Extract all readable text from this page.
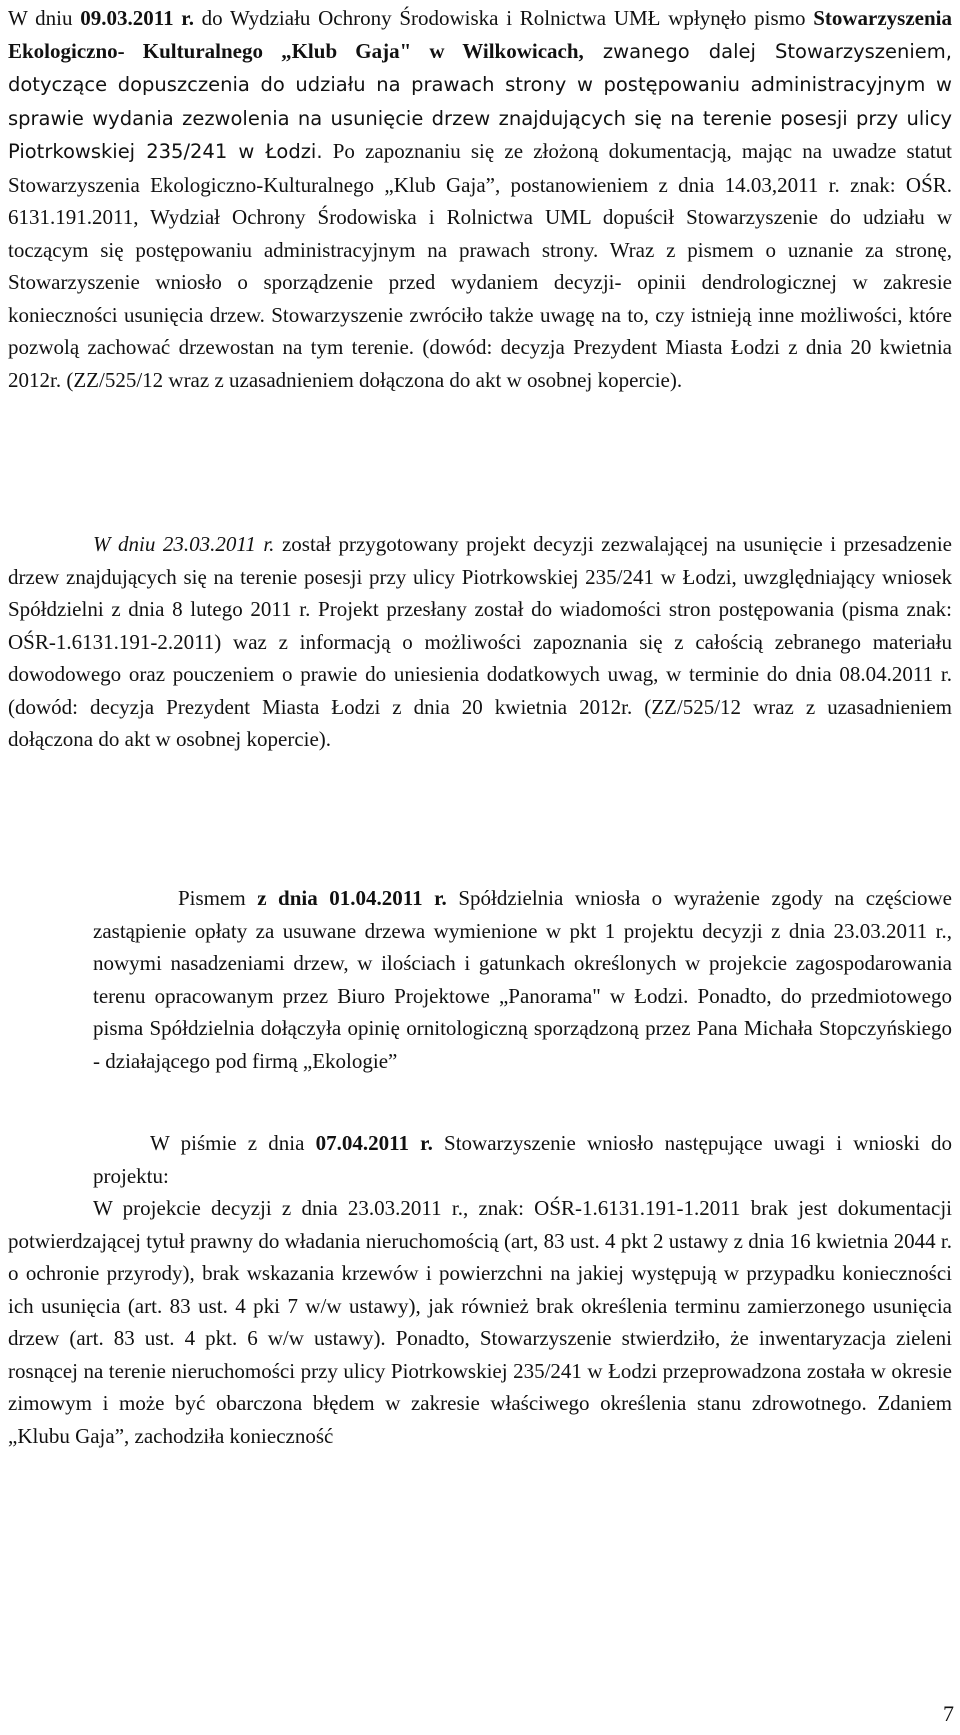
W dniu 09.03.2011 r. do Wydziału Ochrony Środowiska i Rolnictwa UMŁ wpłynęło pismo Stowarzyszenia Ekologiczno- Kulturalnego „Klub Gaja" w Wilkowicach, zwanego dalej Stowarzyszeniem, dotyczące dopuszczenia do udziału na prawach strony w postępowaniu administracyjnym w sprawie wydania zezwolenia na usunięcie drzew znajdujących się na terenie posesji przy ulicy Piotrkowskiej 235/241 w Łodzi. Po zapoznaniu się ze złożoną dokumentacją, mając na uwadze statut Stowarzyszenia Ekologiczno-Kulturalnego „Klub Gaja”, postanowieniem z dnia 14.03,2011 r. znak: OŚR. 6131.191.2011, Wydział Ochrony Środowiska i Rolnictwa UML dopuścił Stowarzyszenie do udziału w toczącym się postępowaniu administracyjnym na prawach strony. Wraz z pismem o uznanie za stronę, Stowarzyszenie wniosło o sporządzenie przed wydaniem decyzji- opinii dendrologicznej w zakresie konieczności usunięcia drzew. Stowarzyszenie zwróciło także uwagę na to, czy istnieją inne możliwości, które pozwolą zachować drzewostan na tym terenie. (dowód: decyzja Prezydent Miasta Łodzi z dnia 20 kwietnia 2012r. (ZZ/525/12 wraz z uzasadnieniem dołączona do akt w osobnej kopercie).

W dniu 23.03.2011 r. został przygotowany projekt decyzji zezwalającej na usunięcie i przesadzenie drzew znajdujących się na terenie posesji przy ulicy Piotrkowskiej 235/241 w Łodzi, uwzględniający wniosek Spółdzielni z dnia 8 lutego 2011 r. Projekt przesłany został do wiadomości stron postępowania (pisma znak: OŚR-1.6131.191-2.2011) waz z informacją o możliwości zapoznania się z całością zebranego materiału dowodowego oraz pouczeniem o prawie do uniesienia dodatkowych uwag, w terminie do dnia 08.04.2011 r. (dowód: decyzja Prezydent Miasta Łodzi z dnia 20 kwietnia 2012r. (ZZ/525/12 wraz z uzasadnieniem dołączona do akt w osobnej kopercie).

Pismem z dnia 01.04.2011 r. Spółdzielnia wniosła o wyrażenie zgody na częściowe zastąpienie opłaty za usuwane drzewa wymienione w pkt 1 projektu decyzji z dnia 23.03.2011 r., nowymi nasadzeniami drzew, w ilościach i gatunkach określonych w projekcie zagospodarowania terenu opracowanym przez Biuro Projektowe „Panorama" w Łodzi. Ponadto, do przedmiotowego pisma Spółdzielnia dołączyła opinię ornitologiczną sporządzoną przez Pana Michała Stopczyńskiego - działającego pod firmą „Ekologie”

W piśmie z dnia 07.04.2011 r. Stowarzyszenie wniosło następujące uwagi i wnioski do projektu:

W projekcie decyzji z dnia 23.03.2011 r., znak: OŚR-1.6131.191-1.2011 brak jest dokumentacji potwierdzającej tytuł prawny do władania nieruchomością (art, 83 ust. 4 pkt 2 ustawy z dnia 16 kwietnia 2044 r. o ochronie przyrody), brak wskazania krzewów i powierzchni na jakiej występują w przypadku konieczności ich usunięcia (art. 83 ust. 4 pki 7 w/w ustawy), jak również brak określenia terminu zamierzonego usunięcia drzew (art. 83 ust. 4 pkt. 6 w/w ustawy). Ponadto, Stowarzyszenie stwierdziło, że inwentaryzacja zieleni rosnącej na terenie nieruchomości przy ulicy Piotrkowskiej 235/241 w Łodzi przeprowadzona została w okresie zimowym i może być obarczona błędem w zakresie właściwego określenia stanu zdrowotnego. Zdaniem „Klubu Gaja”, zachodziła konieczność

7
